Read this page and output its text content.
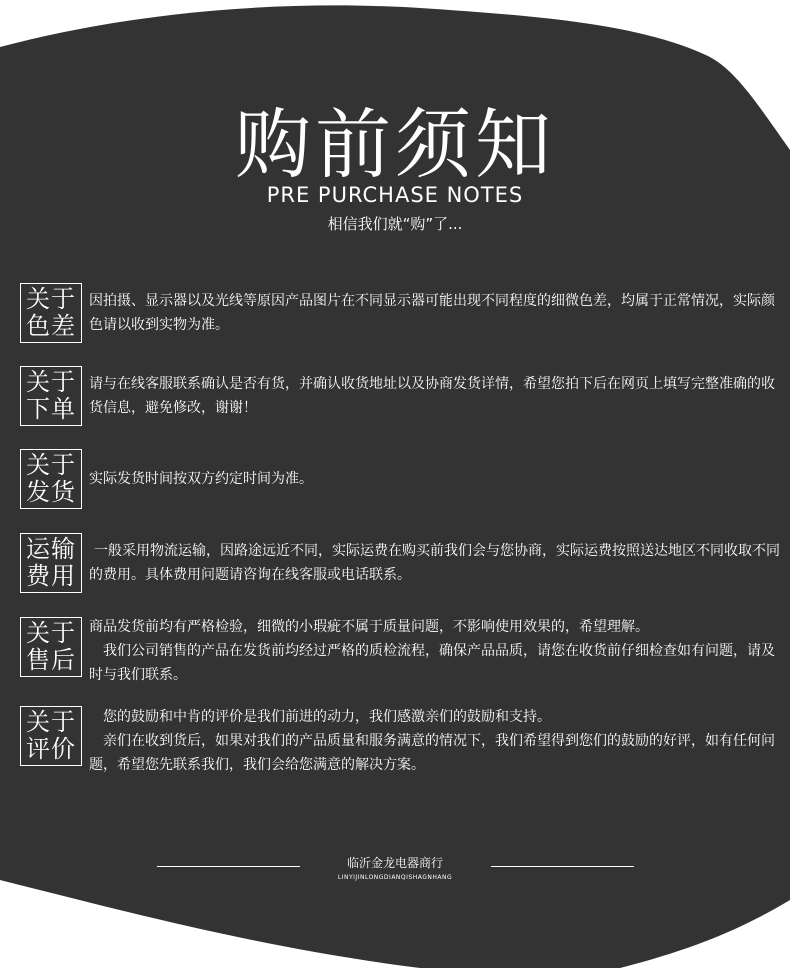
购前须知
PRE PURCHASE NOTES
相信我们就“购”了...
关于
色差

因拍摄、显示器以及光线等原因产品图片在不同显示器可能出现不同程度的细微色差，均属于正常情况，实际颜色请以收到实物为准。

关于
下单

请与在线客服联系确认是否有货，并确认收货地址以及协商发货详情，希望您拍下后在网页上填写完整准确的收货信息，避免修改，谢谢！

关于
发货 实际发货时间按双方约定时间为准。

运输
费用

一般采用物流运输，因路途远近不同，实际运费在购买前我们会与您协商，实际运费按照送达地区不同收取不同的费用。具体费用问题请咨询在线客服或电话联系。

关于
售后

商品发货前均有严格检验，细微的小瑕疵不属于质量问题，不影响使用效果的，希望理解。

我们公司销售的产品在发货前均经过严格的质检流程，确保产品品质，请您在收货前仔细检查如有问题，请及时与我们联系。

关于
评价

您的鼓励和中肯的评价是我们前进的动力，我们感激亲们的鼓励和支持。

亲们在收到货后，如果对我们的产品质量和服务满意的情况下，我们希望得到您们的鼓励的好评，如有任何问题，希望您先联系我们，我们会给您满意的解决方案。

临沂金龙电器商行
LINYIJINLONGDIANQISHAGNHANG
